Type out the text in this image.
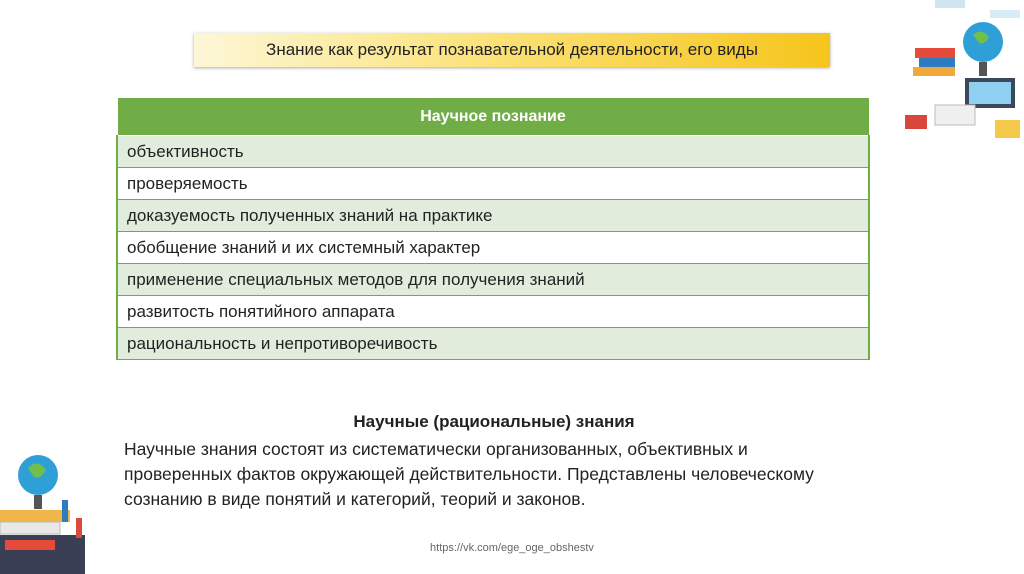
Знание как результат познавательной деятельности, его виды
Научное познание
объективность
проверяемость
доказуемость полученных знаний на практике
обобщение знаний и их системный характер
применение специальных методов для получения знаний
развитость понятийного аппарата
рациональность и непротиворечивость
Научные (рациональные) знания
Научные знания состоят из систематически организованных, объективных и проверенных фактов окружающей действительности. Представлены человеческому сознанию в виде понятий и категорий, теорий и законов.
https://vk.com/ege_oge_obshestv
